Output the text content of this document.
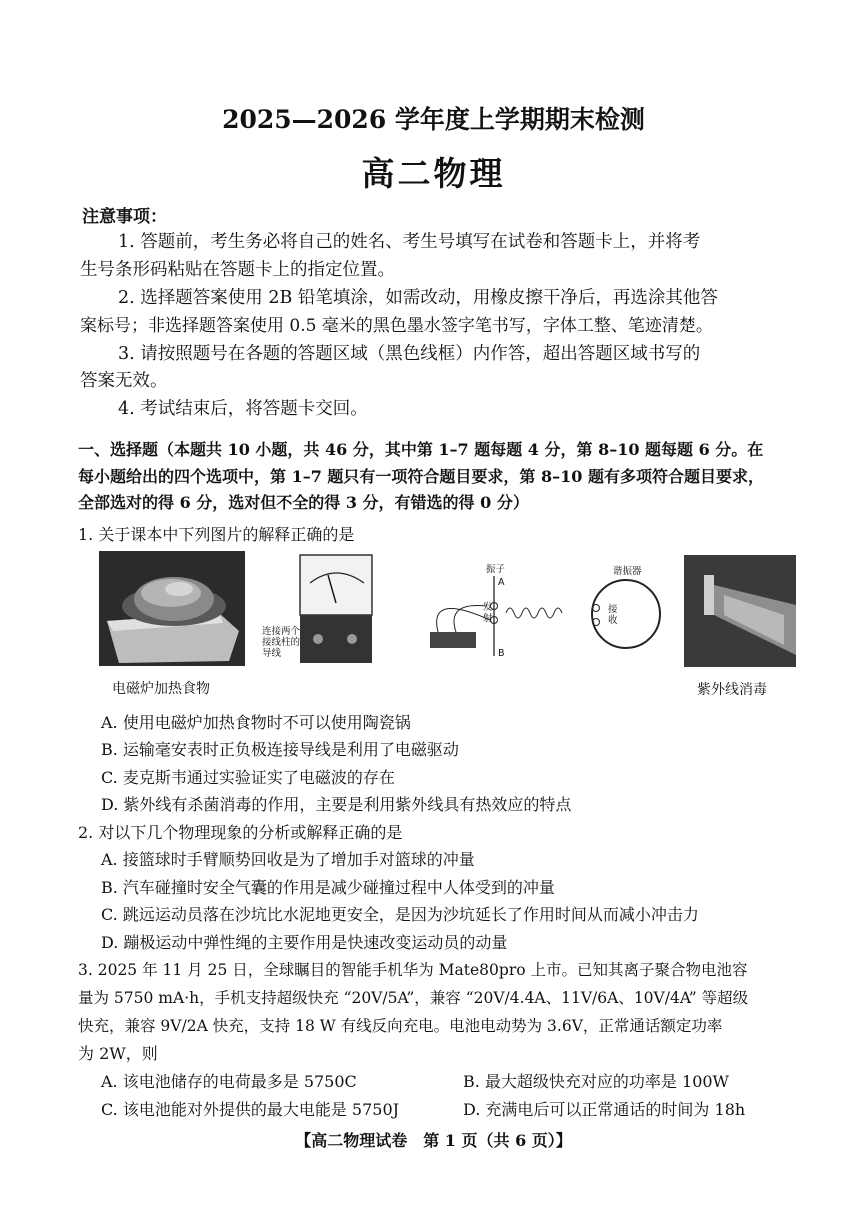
2025—2026 学年度上学期期末检测
高二物理
注意事项：
1. 答题前，考生务必将自己的姓名、考生号填写在试卷和答题卡上，并将考
生号条形码粘贴在答题卡上的指定位置。
2. 选择题答案使用 2B 铅笔填涂，如需改动，用橡皮擦干净后，再选涂其他答
案标号；非选择题答案使用 0.5 毫米的黑色墨水签字笔书写，字体工整、笔迹清楚。
3. 请按照题号在各题的答题区域（黑色线框）内作答，超出答题区域书写的
答案无效。
4. 考试结束后，将答题卡交回。
一、选择题（本题共 10 小题，共 46 分，其中第 1–7 题每题 4 分，第 8–10 题每题 6 分。在
每小题给出的四个选项中，第 1–7 题只有一项符合题目要求，第 8–10 题有多项符合题目要求，
全部选对的得 6 分，选对但不全的得 3 分，有错选的得 0 分）
1. 关于课本中下列图片的解释正确的是
电磁炉加热食物
连接两个
接线柱的
导线
振子
A
发
射
B
谐振器
接
收
紫外线消毒
A. 使用电磁炉加热食物时不可以使用陶瓷锅
B. 运输毫安表时正负极连接导线是利用了电磁驱动
C. 麦克斯韦通过实验证实了电磁波的存在
D. 紫外线有杀菌消毒的作用，主要是利用紫外线具有热效应的特点
2. 对以下几个物理现象的分析或解释正确的是
A. 接篮球时手臂顺势回收是为了增加手对篮球的冲量
B. 汽车碰撞时安全气囊的作用是减少碰撞过程中人体受到的冲量
C. 跳远运动员落在沙坑比水泥地更安全，是因为沙坑延长了作用时间从而减小冲击力
D. 蹦极运动中弹性绳的主要作用是快速改变运动员的动量
3. 2025 年 11 月 25 日，全球瞩目的智能手机华为 Mate80pro 上市。已知其离子聚合物电池容
量为 5750 mA·h，手机支持超级快充 “20V/5A”，兼容 “20V/4.4A、11V/6A、10V/4A” 等超级
快充，兼容 9V/2A 快充，支持 18 W 有线反向充电。电池电动势为 3.6V，正常通话额定功率
为 2W，则
A. 该电池储存的电荷最多是 5750C	B. 最大超级快充对应的功率是 100W
C. 该电池能对外提供的最大电能是 5750J	D. 充满电后可以正常通话的时间为 18h
【高二物理试卷　第 1 页（共 6 页）】
